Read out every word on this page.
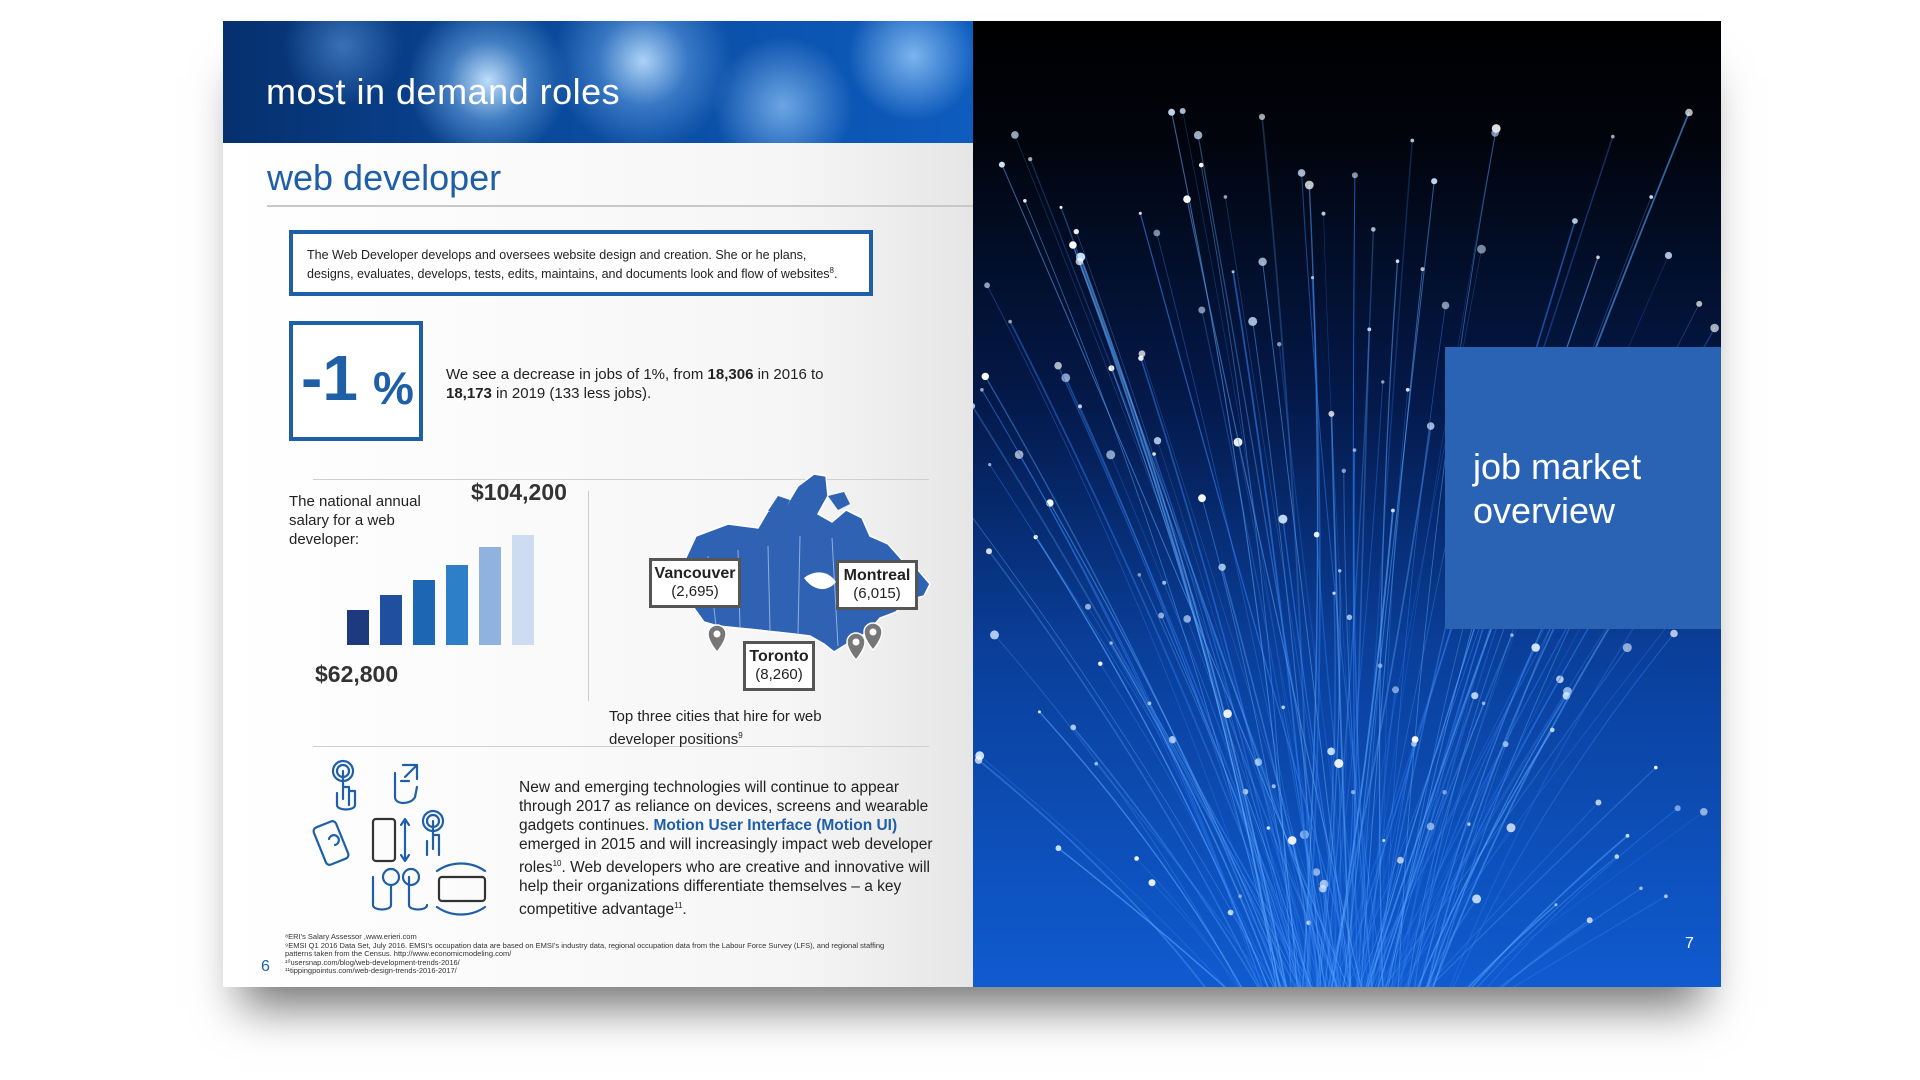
most in demand roles
web developer
The Web Developer develops and oversees website design and creation. She or he plans, designs, evaluates, develops, tests, edits, maintains, and documents look and flow of websites$^8$.
-1 % We see a decrease in jobs of 1%, from 18,306 in 2016 to 18,173 in 2019 (133 less jobs).
The national annual salary for a web developer:
$104,200
$62,800
Vancouver
(2,695)
Montreal
(6,015)
Toronto
(8,260)
Top three cities that hire for web developer positions$^9$
New and emerging technologies will continue to appear through 2017 as reliance on devices, screens and wearable gadgets continues. Motion User Interface (Motion UI) emerged in 2015 and will increasingly impact web developer roles$^{10}$. Web developers who are creative and innovative will help their organizations differentiate themselves – a key competitive advantage$^{11}$.
⁸ERI's Salary Assessor ,www.erieri.com
⁹EMSI Q1 2016 Data Set, July 2016. EMSI's occupation data are based on EMSI's industry data, regional occupation data from the Labour Force Survey (LFS), and regional staffing
patterns taken from the Census. http://www.economicmodeling.com/
¹⁰usersnap.com/blog/web-development-trends-2016/
¹¹tippingpointus.com/web-design-trends-2016-2017/
6
job market
overview
7
